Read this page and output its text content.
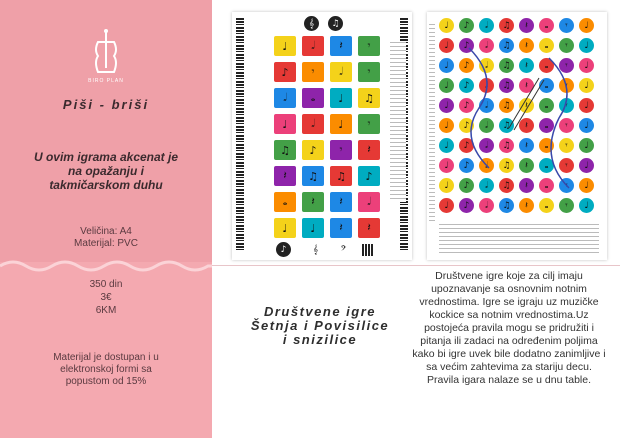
BIRO PLAN
Piši - briši
U ovim igrama akcenat je na opažanju i takmičarskom duhu
Veličina: A4
Materijal: PVC
350 din
3€
6KM
Materijal je dostupan i u elektronskoj formi sa popustom od 15%
𝄞	♫
♩	𝅗𝅥	𝄽	𝄾
♪	𝄾	𝅗𝅥	𝄾
𝅗𝅥	𝅝	♩	♫
♩	𝅗𝅥	♩	𝄾
♫	♪	𝄾	𝄽
𝄽	♫	♫	♪
𝅝	𝄽	𝄽	𝅗𝅥
♩	♩	𝄽	𝄽
♪	𝄞	𝄢
♩	♪	𝅗𝅥	♫	𝄽	𝅝	𝄾	♩
♩	♪	𝅗𝅥	♫	𝄽	𝅝	𝄾	♩
♩	♪	𝅗𝅥	♫	𝄽	𝅝	𝄾	♩
♩	♪	𝅗𝅥	♫	𝄽	𝅝	𝄾	♩
♩	♪	𝅗𝅥	♫	𝄽	𝅝	𝄾	♩
♩	♪	𝅗𝅥	♫	𝄽	𝅝	𝄾	♩
♩	♪	𝅗𝅥	♫	𝄽	𝅝	𝄾	♩
♩	♪	𝅗𝅥	♫	𝄽	𝅝	𝄾	♩
♩	♪	𝅗𝅥	♫	𝄽	𝅝	𝄾	♩
♩	♪	𝅗𝅥	♫	𝄽	𝅝	𝄾	♩
Društvene igre
Šetnja i Povisilice
i snizilice
Društvene igre koje za cilj imaju upoznavanje sa osnovnim notnim vrednostima. Igre se igraju uz muzičke kockice sa notnim vrednostima.Uz postojeća pravila mogu se pridružiti i pitanja ili zadaci na određenim poljima kako bi igre uvek bile dodatno zanimljive i sa većim zahtevima za stariju decu.
Pravila igara nalaze se u dnu table.
